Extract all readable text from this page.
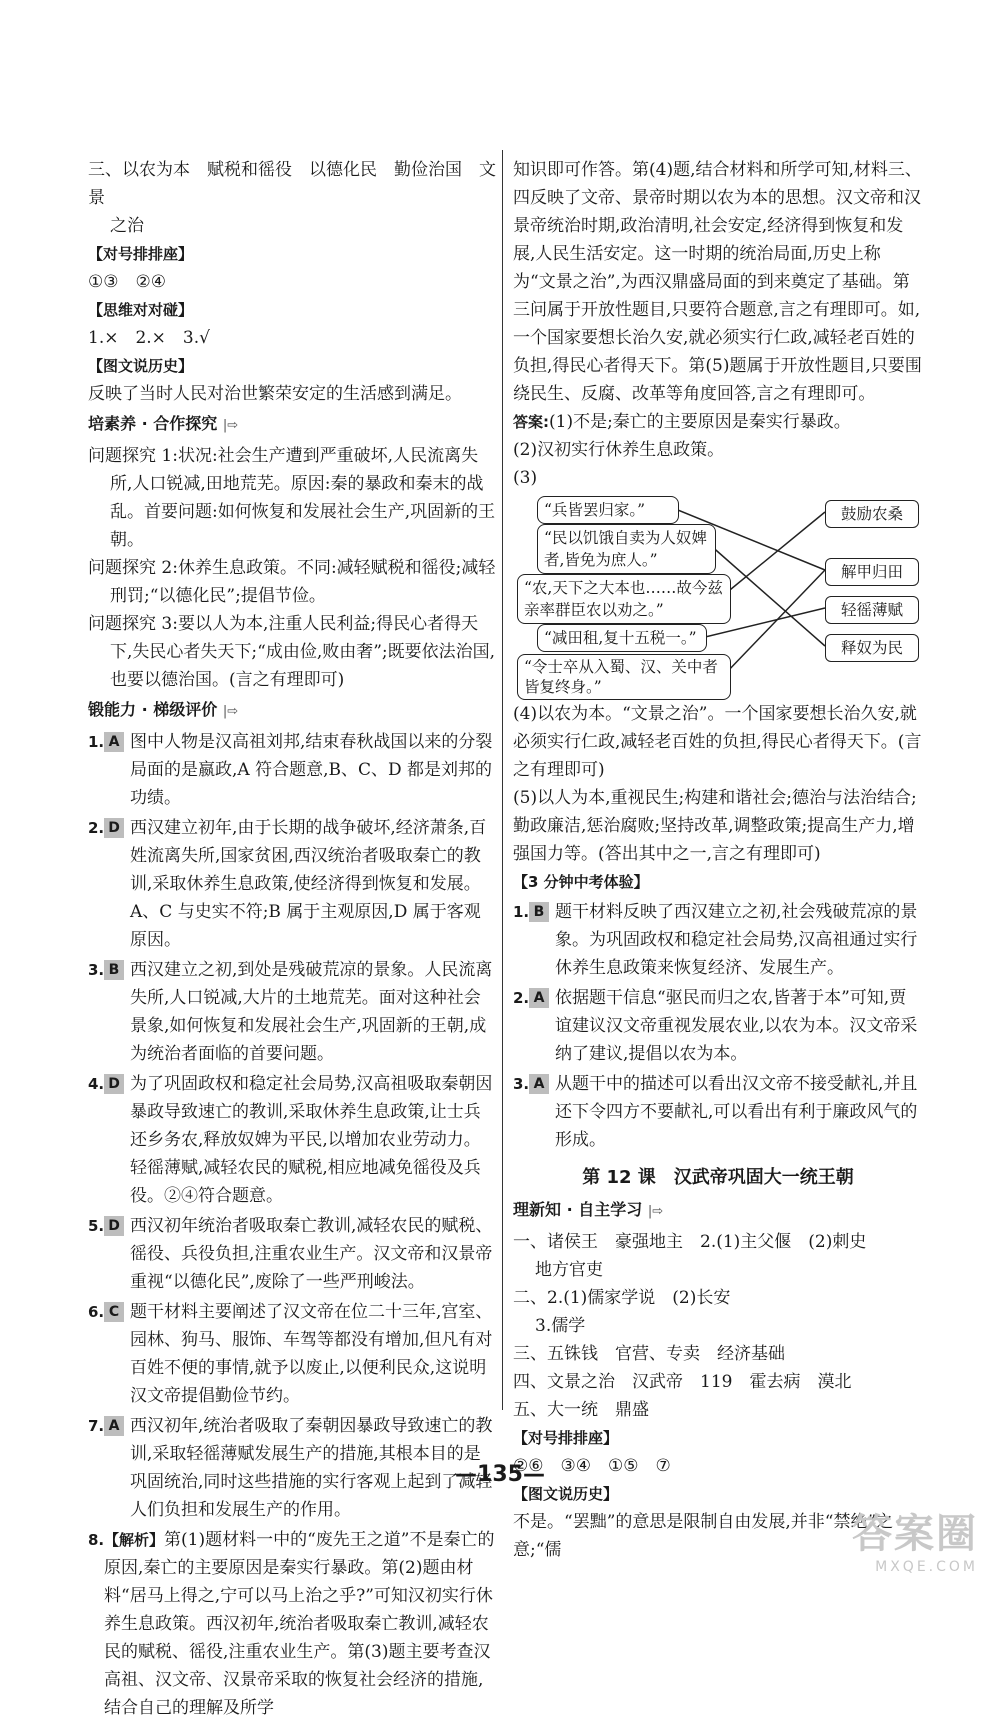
三、以农为本　赋税和徭役　以德化民　勤俭治国　文景
之治
【对号排排座】
①③　②④
【思维对对碰】
1.×　2.×　3.√
【图文说历史】
反映了当时人民对治世繁荣安定的生活感到满足。
培素养 · 合作探究 |⇨
问题探究 1:状况:社会生产遭到严重破坏,人民流离失所,人口锐减,田地荒芜。原因:秦的暴政和秦末的战乱。首要问题:如何恢复和发展社会生产,巩固新的王朝。
问题探究 2:休养生息政策。不同:减轻赋税和徭役;减轻刑罚;“以德化民”;提倡节俭。
问题探究 3:要以人为本,注重人民利益;得民心者得天下,失民心者失天下;“成由俭,败由奢”;既要依法治国,也要以德治国。(言之有理即可)
锻能力 · 梯级评价 |⇨
1. A 图中人物是汉高祖刘邦,结束春秋战国以来的分裂局面的是嬴政,A 符合题意,B、C、D 都是刘邦的功绩。
2. D 西汉建立初年,由于长期的战争破坏,经济萧条,百姓流离失所,国家贫困,西汉统治者吸取秦亡的教训,采取休养生息政策,使经济得到恢复和发展。A、C 与史实不符;B 属于主观原因,D 属于客观原因。
3. B 西汉建立之初,到处是残破荒凉的景象。人民流离失所,人口锐减,大片的土地荒芜。面对这种社会景象,如何恢复和发展社会生产,巩固新的王朝,成为统治者面临的首要问题。
4. D 为了巩固政权和稳定社会局势,汉高祖吸取秦朝因暴政导致速亡的教训,采取休养生息政策,让士兵还乡务农,释放奴婢为平民,以增加农业劳动力。轻徭薄赋,减轻农民的赋税,相应地减免徭役及兵役。②④符合题意。
5. D 西汉初年统治者吸取秦亡教训,减轻农民的赋税、徭役、兵役负担,注重农业生产。汉文帝和汉景帝重视“以德化民”,废除了一些严刑峻法。
6. C 题干材料主要阐述了汉文帝在位二十三年,宫室、园林、狗马、服饰、车驾等都没有增加,但凡有对百姓不便的事情,就予以废止,以便利民众,这说明汉文帝提倡勤俭节约。
7. A 西汉初年,统治者吸取了秦朝因暴政导致速亡的教训,采取轻徭薄赋发展生产的措施,其根本目的是巩固统治,同时这些措施的实行客观上起到了减轻人们负担和发展生产的作用。
8. 【解析】第(1)题材料一中的“废先王之道”不是秦亡的原因,秦亡的主要原因是秦实行暴政。第(2)题由材料“居马上得之,宁可以马上治之乎?”可知汉初实行休养生息政策。西汉初年,统治者吸取秦亡教训,减轻农民的赋税、徭役,注重农业生产。第(3)题主要考查汉高祖、汉文帝、汉景帝采取的恢复社会经济的措施,结合自己的理解及所学
知识即可作答。第(4)题,结合材料和所学可知,材料三、四反映了文帝、景帝时期以农为本的思想。汉文帝和汉景帝统治时期,政治清明,社会安定,经济得到恢复和发展,人民生活安定。这一时期的统治局面,历史上称为“文景之治”,为西汉鼎盛局面的到来奠定了基础。第三问属于开放性题目,只要符合题意,言之有理即可。如,一个国家要想长治久安,就必须实行仁政,减轻老百姓的负担,得民心者得天下。第(5)题属于开放性题目,只要围绕民生、反腐、改革等角度回答,言之有理即可。
答案:(1)不是;秦亡的主要原因是秦实行暴政。
(2)汉初实行休养生息政策。
(3)
“兵皆罢归家。”
“民以饥饿自卖为人奴婢者,皆免为庶人。”
“农,天下之大本也……故今兹亲率群臣农以劝之。”
“减田租,复十五税一。”
“令士卒从入蜀、汉、关中者皆复终身。”
鼓励农桑
解甲归田
轻徭薄赋
释奴为民
(4)以农为本。“文景之治”。一个国家要想长治久安,就必须实行仁政,减轻老百姓的负担,得民心者得天下。(言之有理即可)
(5)以人为本,重视民生;构建和谐社会;德治与法治结合;勤政廉洁,惩治腐败;坚持改革,调整政策;提高生产力,增强国力等。(答出其中之一,言之有理即可)
【3 分钟中考体验】
1. B 题干材料反映了西汉建立之初,社会残破荒凉的景象。为巩固政权和稳定社会局势,汉高祖通过实行休养生息政策来恢复经济、发展生产。
2. A 依据题干信息“驱民而归之农,皆著于本”可知,贾谊建议汉文帝重视发展农业,以农为本。汉文帝采纳了建议,提倡以农为本。
3. A 从题干中的描述可以看出汉文帝不接受献礼,并且还下令四方不要献礼,可以看出有利于廉政风气的形成。
第 12 课　汉武帝巩固大一统王朝
理新知 · 自主学习 |⇨
一、诸侯王　豪强地主　2.(1)主父偃　(2)刺史
地方官吏
二、2.(1)儒家学说　(2)长安
3.儒学
三、五铢钱　官营、专卖　经济基础
四、文景之治　汉武帝　119　霍去病　漠北
五、大一统　鼎盛
【对号排排座】
②⑥　③④　①⑤　⑦
【图文说历史】
不是。“罢黜”的意思是限制自由发展,并非“禁绝”之意;“儒
—135—
答案圈
MXQE.COM
